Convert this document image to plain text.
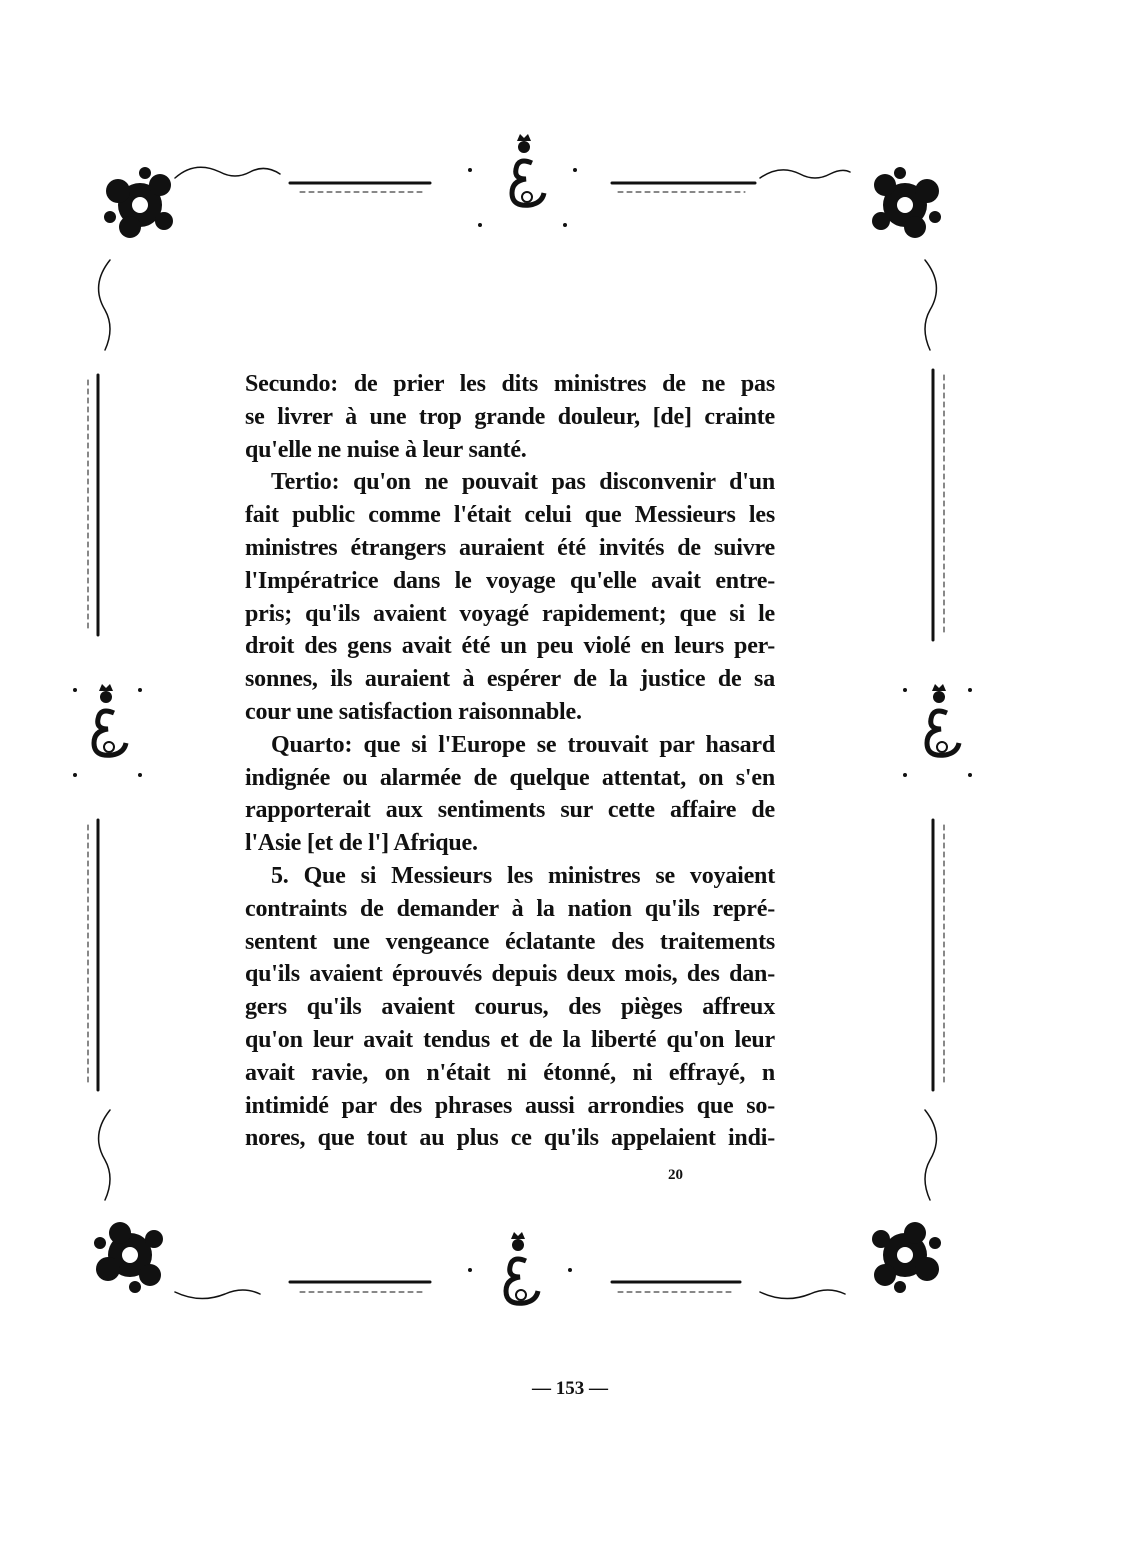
Secundo: de prier les dits ministres de ne pas
se livrer à une trop grande douleur, [de] crainte
qu'elle ne nuise à leur santé.

Tertio: qu'on ne pouvait pas disconvenir d'un
fait public comme l'était celui que Messieurs les
ministres étrangers auraient été invités de suivre
l'Impératrice dans le voyage qu'elle avait entre-
pris; qu'ils avaient voyagé rapidement; que si le
droit des gens avait été un peu violé en leurs per-
sonnes, ils auraient à espérer de la justice de sa
cour une satisfaction raisonnable.

Quarto: que si l'Europe se trouvait par hasard
indignée ou alarmée de quelque attentat, on s'en
rapporterait aux sentiments sur cette affaire de
l'Asie [et de l'] Afrique.

5. Que si Messieurs les ministres se voyaient
contraints de demander à la nation qu'ils repré-
sentent une vengeance éclatante des traitements
qu'ils avaient éprouvés depuis deux mois, des dan-
gers qu'ils avaient courus, des pièges affreux
qu'on leur avait tendus et de la liberté qu'on leur
avait ravie, on n'était ni étonné, ni effrayé, n
intimidé par des phrases aussi arrondies que so-
nores, que tout au plus ce qu'ils appelaient indi-

20
— 153 —
